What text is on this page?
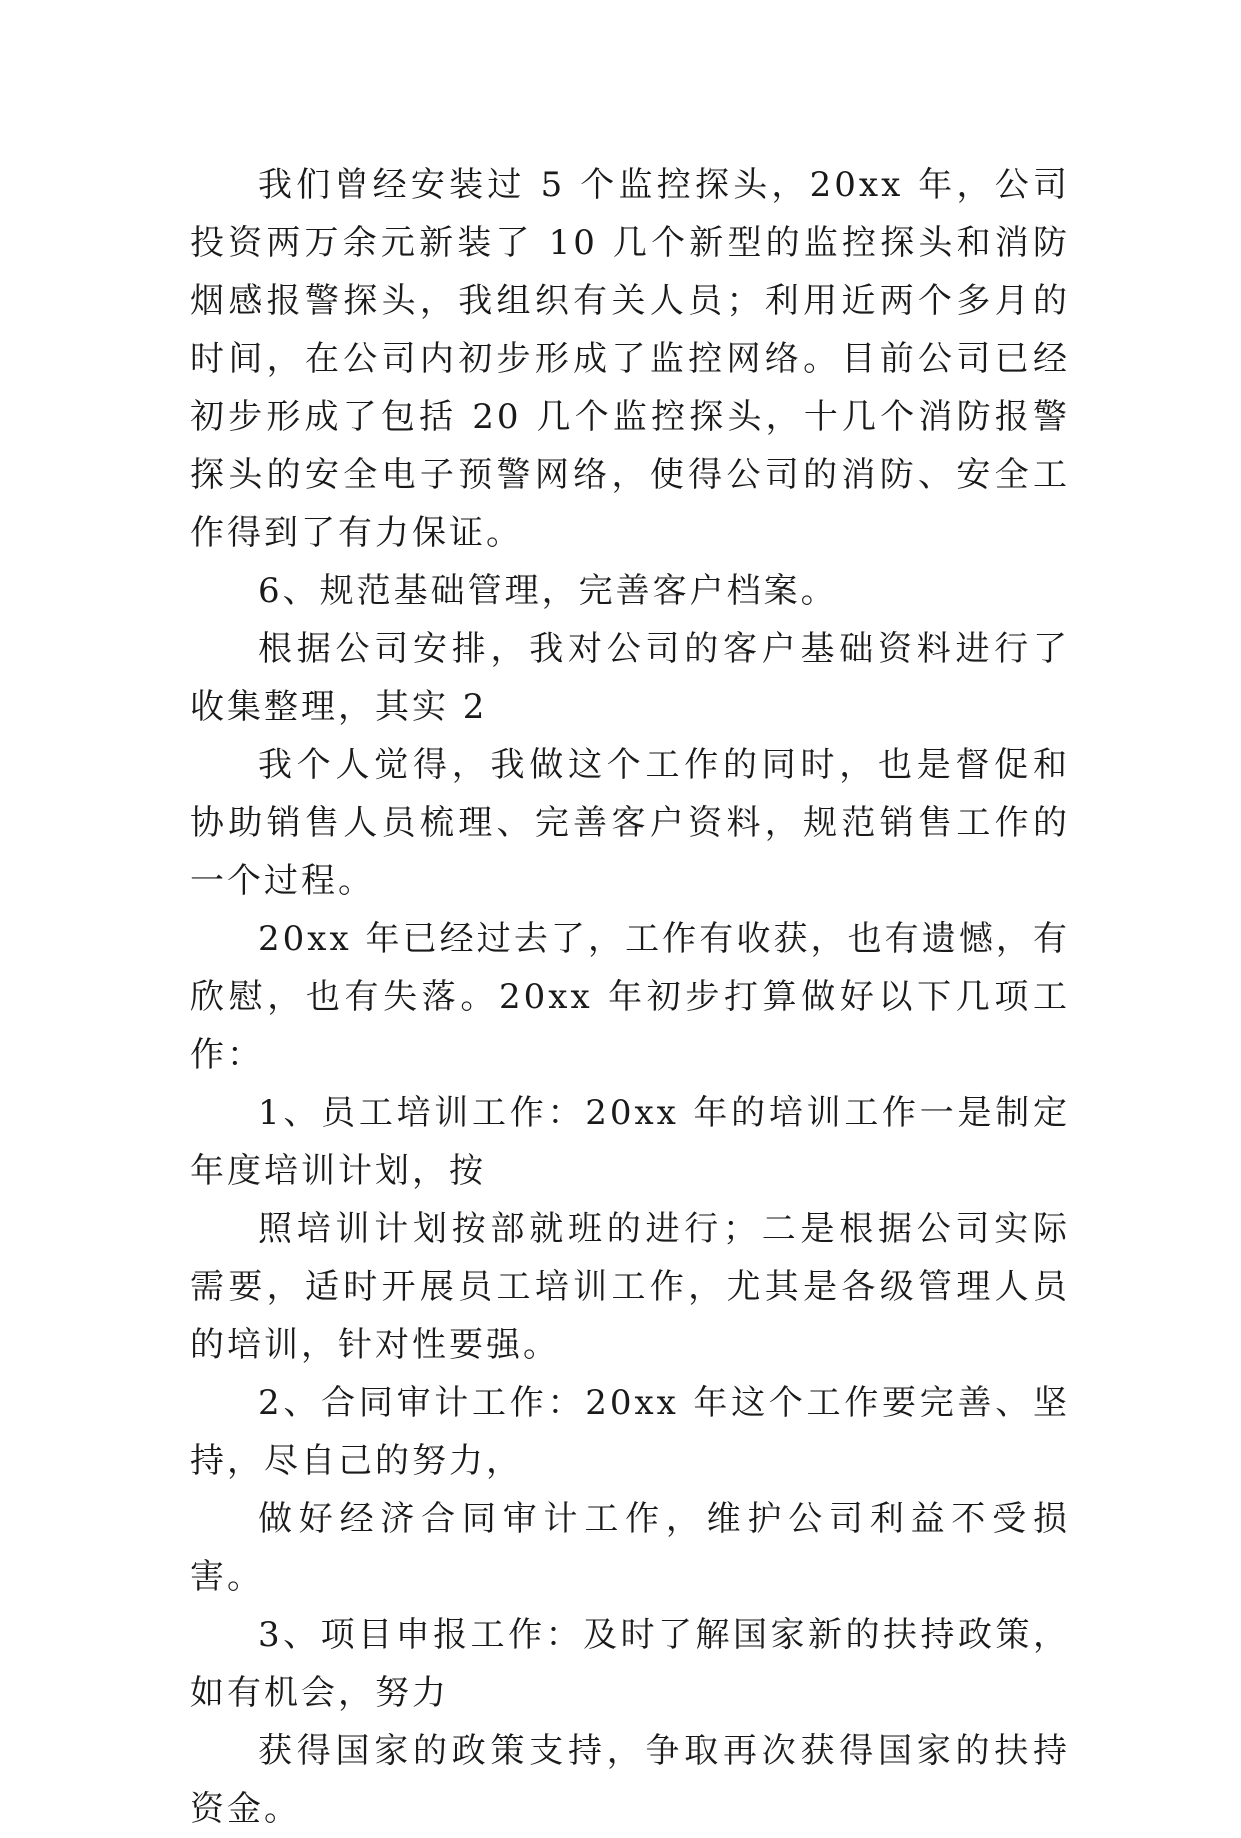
我们曾经安装过 5 个监控探头，20xx 年，公司投资两万余元新装了 10 几个新型的监控探头和消防烟感报警探头，我组织有关人员；利用近两个多月的时间，在公司内初步形成了监控网络。目前公司已经初步形成了包括 20 几个监控探头，十几个消防报警探头的安全电子预警网络，使得公司的消防、安全工作得到了有力保证。

6、规范基础管理，完善客户档案。

根据公司安排，我对公司的客户基础资料进行了收集整理，其实 2

我个人觉得，我做这个工作的同时，也是督促和协助销售人员梳理、完善客户资料，规范销售工作的一个过程。

20xx 年已经过去了，工作有收获，也有遗憾，有欣慰，也有失落。20xx 年初步打算做好以下几项工作：

1、员工培训工作：20xx 年的培训工作一是制定年度培训计划，按

照培训计划按部就班的进行；二是根据公司实际需要，适时开展员工培训工作，尤其是各级管理人员的培训，针对性要强。

2、合同审计工作：20xx 年这个工作要完善、坚持，尽自己的努力，

做好经济合同审计工作，维护公司利益不受损害。

3、项目申报工作：及时了解国家新的扶持政策，如有机会，努力

获得国家的政策支持，争取再次获得国家的扶持资金。
